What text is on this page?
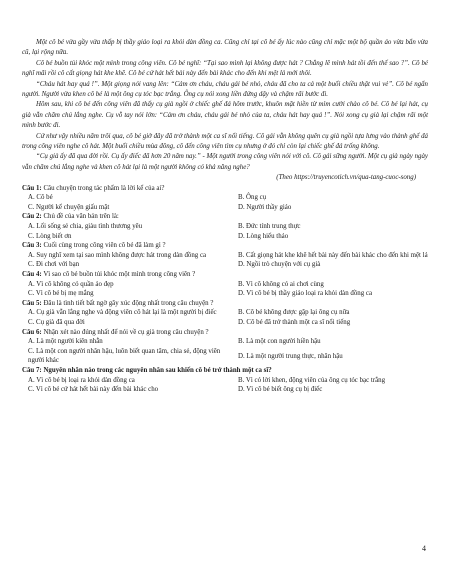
Một cô bé vừa gầy vừa thấp bị thầy giáo loại ra khỏi dàn đồng ca. Cũng chỉ tại cô bé ấy lúc nào cũng chỉ mặc một bộ quần áo vừa bẩn vừa cũ, lại rộng nữa.

Cô bé buồn tủi khóc một mình trong công viên. Cô bé nghĩ: “Tại sao mình lại không được hát ? Chẳng lẽ mình hát tồi đến thế sao ?”. Cô bé nghĩ mãi rồi cô cất giọng hát khe khẽ. Cô bé cứ hát hết bài này đến bài khác cho đến khi mệt lả mới thôi.

“Cháu hát hay quá !”. Một giọng nói vang lên: “Cảm ơn cháu, cháu gái bé nhỏ, cháu đã cho ta cả một buổi chiều thật vui vẻ”. Cô bé ngẩn người. Người vừa khen cô bé là một ông cụ tóc bạc trắng. Ông cụ nói xong liền đứng dậy và chậm rãi bước đi.

Hôm sau, khi cô bé đến công viên đã thấy cụ già ngồi ở chiếc ghế đá hôm trước, khuôn mặt hiền từ mỉm cười chào cô bé. Cô bé lại hát, cụ già vẫn chăm chú lắng nghe. Cụ vỗ tay nói lớn: “Cảm ơn cháu, cháu gái bé nhỏ của ta, cháu hát hay quá !”. Nói xong cụ già lại chậm rãi một mình bước đi.

Cứ như vậy nhiều năm trôi qua, cô bé giờ đây đã trở thành một ca sĩ nổi tiếng. Cô gái vẫn không quên cụ già ngồi tựa lưng vào thành ghế đá trong công viên nghe cô hát. Một buổi chiều mùa đông, cô đến công viên tìm cụ nhưng ở đó chỉ còn lại chiếc ghế đá trống không.

“Cụ già ấy đã qua đời rồi. Cụ ấy điếc đã hơn 20 năm nay.” - Một người trong công viên nói với cô. Cô gái sững người. Một cụ già ngày ngày vẫn chăm chú lắng nghe và khen cô hát lại là một người không có khả năng nghe?

(Theo https://truyencotich.vn/qua-tang-cuoc-song)

Câu 1: Câu chuyện trong tác phẩm là lời kể của ai?

A. Cô bé	B. Ông cụ
C. Người kể chuyện giấu mặt	D. Người thầy giáo

Câu 2: Chủ đề của văn bản trên là:

A. Lối sống sẻ chia, giàu tình thương yêu	B. Đức tính trung thực
C. Lòng biết ơn	D. Lòng hiếu thảo

Câu 3: Cuối cùng trong công viên cô bé đã làm gì ?

A. Suy nghĩ xem tại sao mình không được hát trong dàn đồng ca	B. Cất giọng hát khe khẽ hết bài này đến bài khác cho đến khi mệt lả
C. Đi chơi với bạn	D. Ngồi trò chuyện với cụ già

Câu 4: Vì sao cô bé buồn tủi khóc một mình trong công viên ?

A. Vì cô không có quần áo đẹp	B. Vì cô không có ai chơi cùng
C. Vì cô bé bị mẹ mắng	D. Vì cô bé bị thầy giáo loại ra khỏi dàn đồng ca

Câu 5: Đâu là tình tiết bất ngờ gây xúc động nhất trong câu chuyện ?

A. Cụ già vẫn lắng nghe và động viên cô hát lại là một người bị điếc	B. Cô bé không được gặp lại ông cụ nữa
C. Cụ già đã qua đời	D. Cô bé đã trở thành một ca sĩ nổi tiếng

Câu 6: Nhận xét nào đúng nhất để nói về cụ già trong câu chuyện ?

A. Là một người kiên nhẫn	B. Là một con người hiền hậu
C. Là một con người nhân hậu, luôn biết quan tâm, chia sẻ, động viên người khác
D. Là một người trung thực, nhân hậu

Câu 7: Nguyên nhân nào trong các nguyên nhân sau khiến cô bé trở thành một ca sĩ?

A. Vì cô bé bị loại ra khỏi dàn đồng ca	B. Vì có lời khen, động viên của ông cụ tóc bạc trắng
C. Vì cô bé cứ hát hết bài này đến bài khác cho	D. Vì cô bé biết ông cụ bị điếc
4
